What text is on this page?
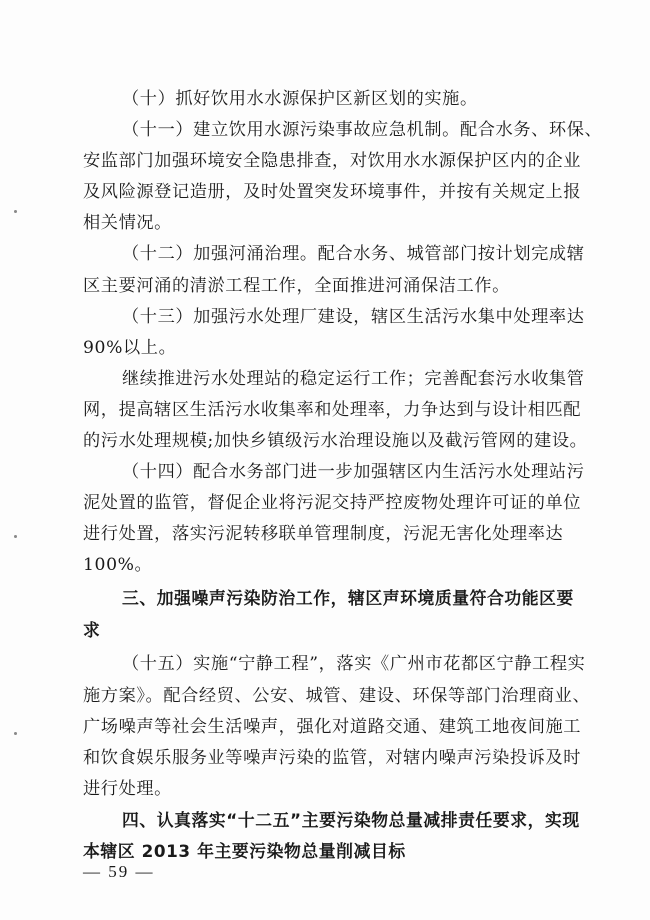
（十）抓好饮用水水源保护区新区划的实施。
（十一）建立饮用水源污染事故应急机制。配合水务、环保、
安监部门加强环境安全隐患排查，对饮用水水源保护区内的企业
及风险源登记造册，及时处置突发环境事件，并按有关规定上报
相关情况。
（十二）加强河涌治理。配合水务、城管部门按计划完成辖
区主要河涌的清淤工程工作，全面推进河涌保洁工作。
（十三）加强污水处理厂建设，辖区生活污水集中处理率达
90%以上。
继续推进污水处理站的稳定运行工作；完善配套污水收集管
网，提高辖区生活污水收集率和处理率，力争达到与设计相匹配
的污水处理规模;加快乡镇级污水治理设施以及截污管网的建设。
（十四）配合水务部门进一步加强辖区内生活污水处理站污
泥处置的监管，督促企业将污泥交持严控废物处理许可证的单位
进行处置，落实污泥转移联单管理制度，污泥无害化处理率达
100%。
三、加强噪声污染防治工作，辖区声环境质量符合功能区要
求
（十五）实施“宁静工程”，落实《广州市花都区宁静工程实
施方案》。配合经贸、公安、城管、建设、环保等部门治理商业、
广场噪声等社会生活噪声，强化对道路交通、建筑工地夜间施工
和饮食娱乐服务业等噪声污染的监管，对辖内噪声污染投诉及时
进行处理。
四、认真落实“十二五”主要污染物总量减排责任要求，实现
本辖区 2013 年主要污染物总量削减目标
— 59 —
